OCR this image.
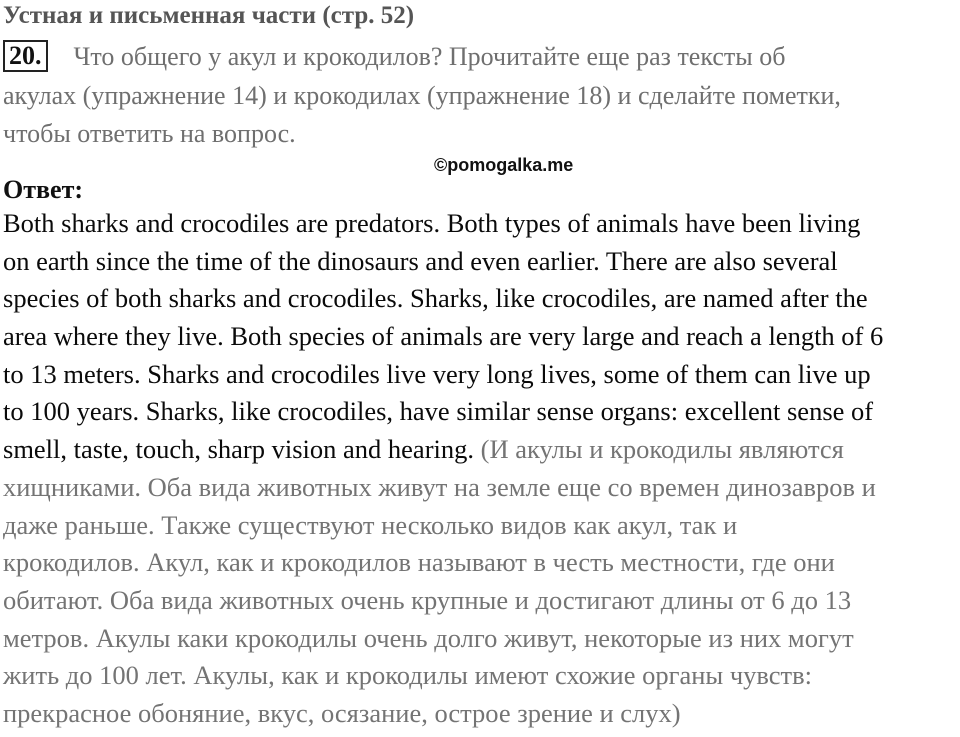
Устная и письменная части (стр. 52)
20. Что общего у акул и крокодилов? Прочитайте еще раз тексты об
акулах (упражнение 14) и крокодилах (упражнение 18) и сделайте пометки,
чтобы ответить на вопрос.
©pomogalka.me
Ответ:
Both sharks and crocodiles are predators. Both types of animals have been living
on earth since the time of the dinosaurs and even earlier. There are also several
species of both sharks and crocodiles. Sharks, like crocodiles, are named after the
area where they live. Both species of animals are very large and reach a length of 6
to 13 meters. Sharks and crocodiles live very long lives, some of them can live up
to 100 years. Sharks, like crocodiles, have similar sense organs: excellent sense of
smell, taste, touch, sharp vision and hearing. (И акулы и крокодилы являются
хищниками. Оба вида животных живут на земле еще со времен динозавров и
даже раньше. Также существуют несколько видов как акул, так и
крокодилов. Акул, как и крокодилов называют в честь местности, где они
обитают. Оба вида животных очень крупные и достигают длины от 6 до 13
метров. Акулы каки крокодилы очень долго живут, некоторые из них могут
жить до 100 лет. Акулы, как и крокодилы имеют схожие органы чувств:
прекрасное обоняние, вкус, осязание, острое зрение и слух)
